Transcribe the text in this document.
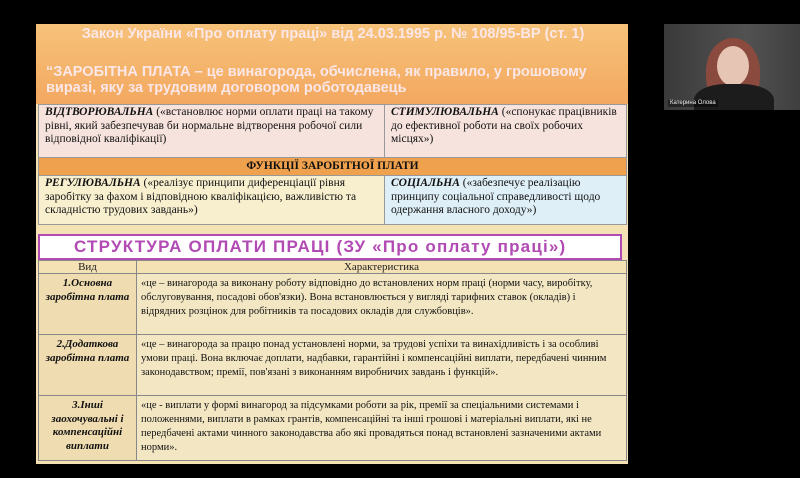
Закон України «Про оплату праці» від 24.03.1995 р. № 108/95-ВР (ст. 1)
“ЗАРОБІТНА ПЛАТА – це винагорода, обчислена, як правило, у грошовому виразі, яку за трудовим договором роботодавець
ВІДТВОРЮВАЛЬНА («встановлює норми оплати праці на такому рівні, який забезпечував би нормальне відтворення робочої сили відповідної кваліфікації)	СТИМУЛЮВАЛЬНА («спонукає працівників до ефективної роботи на своїх робочих місцях»)
ФУНКЦІЇ ЗАРОБІТНОЇ ПЛАТИ	
РЕГУЛЮВАЛЬНА («реалізує принципи диференціації рівня заробітку за фахом і відповідною кваліфікацією, важливістю та складністю трудових завдань»)	СОЦІАЛЬНА («забезпечує реалізацію принципу соціальної справедливості щодо одержання власного доходу»)
СТРУКТУРА ОПЛАТИ ПРАЦІ (ЗУ «Про оплату праці»)
Вид	Характеристика
1.Основна заробітна плата	«це – винагорода за виконану роботу відповідно до встановлених норм праці (норми часу, виробітку, обслуговування, посадові обов'язки). Вона встановлюється у вигляді тарифних ставок (окладів) і відрядних розцінок для робітників та посадових окладів для службовців».
2.Додаткова заробітна плата	«це – винагорода за працю понад установлені норми, за трудові успіхи та винахідливість і за особливі умови праці. Вона включає доплати, надбавки, гарантійні і компенсаційні виплати, передбачені чинним законодавством; премії, пов'язані з виконанням виробничих завдань і функцій».
3.Інші заохочувальні і компенсаційні виплати	«це - виплати у формі винагород за підсумками роботи за рік, премії за спеціальними системами і положеннями, виплати в рамках грантів, компенсаційні та інші грошові і матеріальні виплати, які не передбачені актами чинного законодавства або які провадяться понад встановлені зазначеними актами норми».
Катерина Олова
